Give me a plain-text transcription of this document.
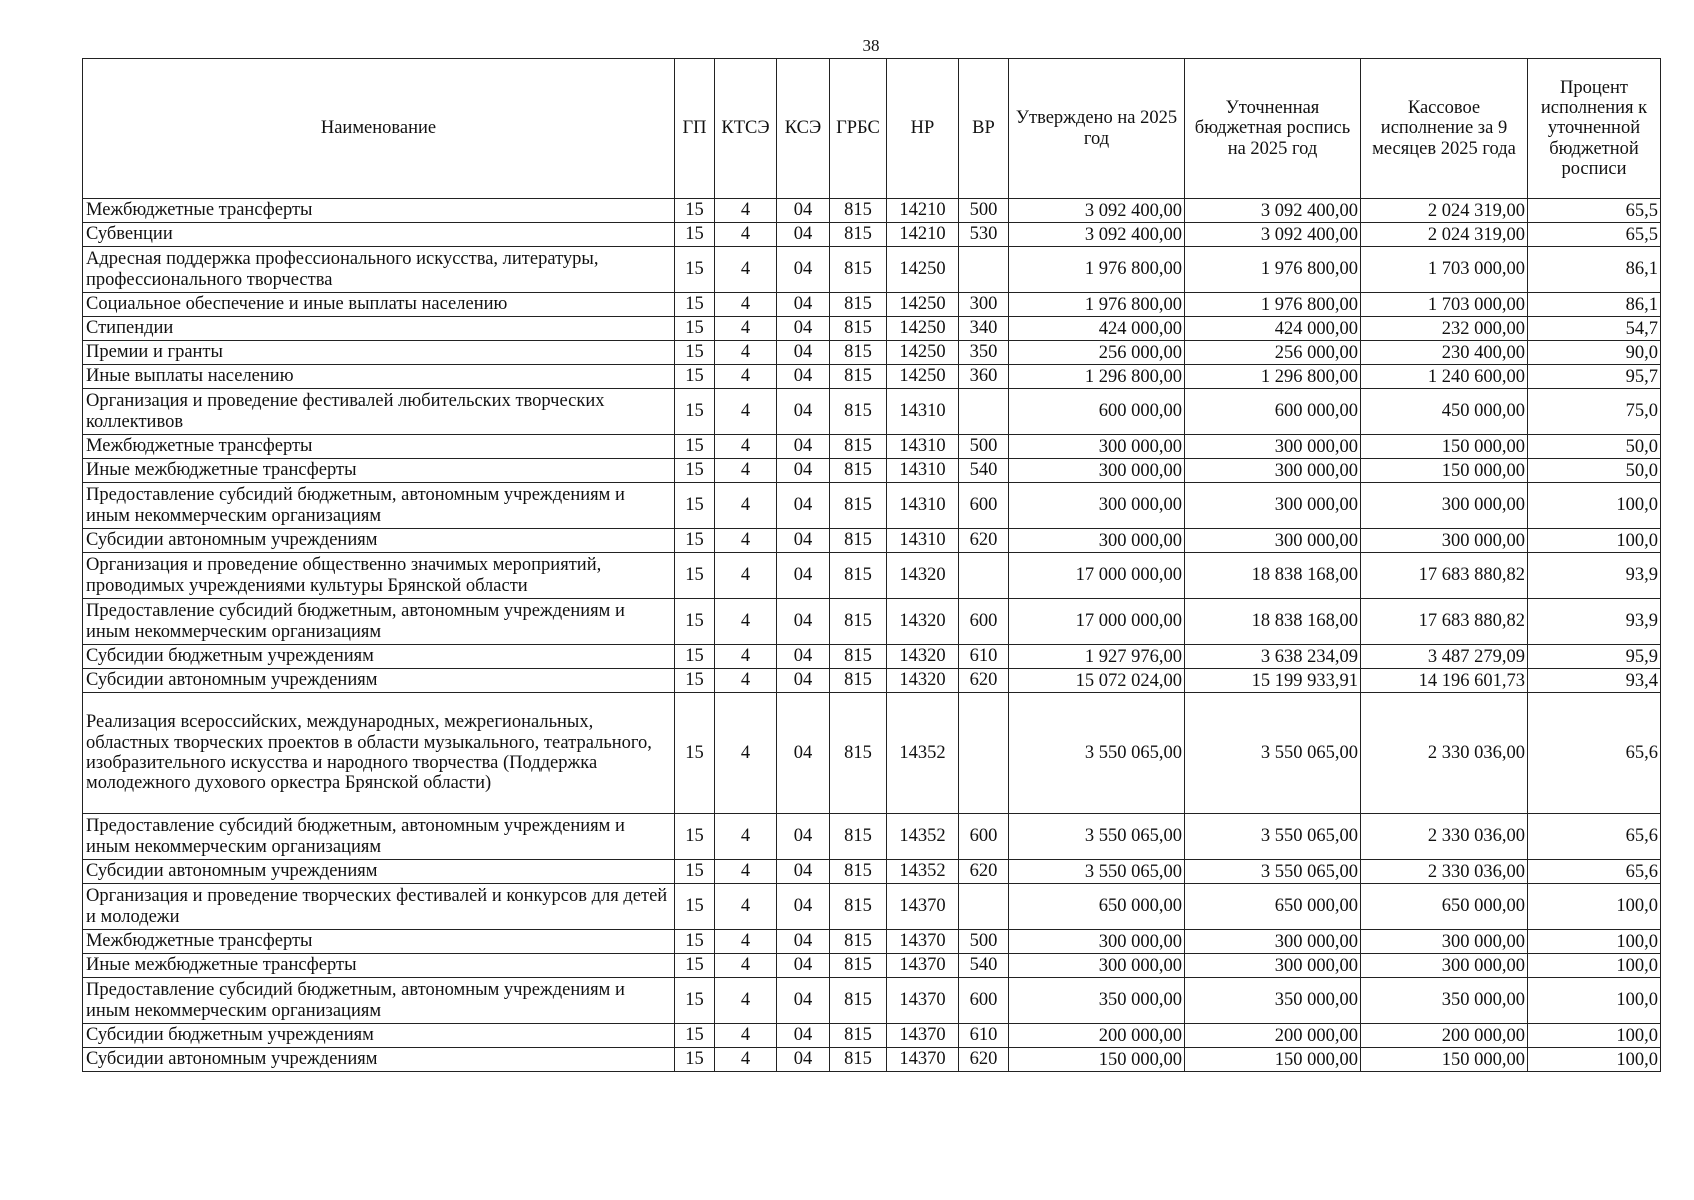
38
Наименование	ГП	КТСЭ	КСЭ	ГРБС	НР	ВР	Утверждено на 2025 год	Уточненная бюджетная роспись на 2025 год	Кассовое исполнение за 9 месяцев 2025 года	Процент исполнения к уточненной бюджетной росписи
Межбюджетные трансферты	15	4	04	815	14210	500	3 092 400,00	3 092 400,00	2 024 319,00	65,5
Субвенции	15	4	04	815	14210	530	3 092 400,00	3 092 400,00	2 024 319,00	65,5
Адресная поддержка профессионального искусства, литературы, профессионального творчества	15	4	04	815	14250		1 976 800,00	1 976 800,00	1 703 000,00	86,1
Социальное обеспечение и иные выплаты населению	15	4	04	815	14250	300	1 976 800,00	1 976 800,00	1 703 000,00	86,1
Стипендии	15	4	04	815	14250	340	424 000,00	424 000,00	232 000,00	54,7
Премии и гранты	15	4	04	815	14250	350	256 000,00	256 000,00	230 400,00	90,0
Иные выплаты населению	15	4	04	815	14250	360	1 296 800,00	1 296 800,00	1 240 600,00	95,7
Организация и проведение фестивалей любительских творческих коллективов	15	4	04	815	14310		600 000,00	600 000,00	450 000,00	75,0
Межбюджетные трансферты	15	4	04	815	14310	500	300 000,00	300 000,00	150 000,00	50,0
Иные межбюджетные трансферты	15	4	04	815	14310	540	300 000,00	300 000,00	150 000,00	50,0
Предоставление субсидий бюджетным, автономным учреждениям и иным некоммерческим организациям	15	4	04	815	14310	600	300 000,00	300 000,00	300 000,00	100,0
Субсидии автономным учреждениям	15	4	04	815	14310	620	300 000,00	300 000,00	300 000,00	100,0
Организация и проведение общественно значимых мероприятий, проводимых учреждениями культуры Брянской области	15	4	04	815	14320		17 000 000,00	18 838 168,00	17 683 880,82	93,9
Предоставление субсидий бюджетным, автономным учреждениям и иным некоммерческим организациям	15	4	04	815	14320	600	17 000 000,00	18 838 168,00	17 683 880,82	93,9
Субсидии бюджетным учреждениям	15	4	04	815	14320	610	1 927 976,00	3 638 234,09	3 487 279,09	95,9
Субсидии автономным учреждениям	15	4	04	815	14320	620	15 072 024,00	15 199 933,91	14 196 601,73	93,4
Реализация всероссийских, международных, межрегиональных, областных творческих проектов в области музыкального, театрального, изобразительного искусства и народного творчества (Поддержка молодежного духового оркестра Брянской области)	15	4	04	815	14352		3 550 065,00	3 550 065,00	2 330 036,00	65,6
Предоставление субсидий бюджетным, автономным учреждениям и иным некоммерческим организациям	15	4	04	815	14352	600	3 550 065,00	3 550 065,00	2 330 036,00	65,6
Субсидии автономным учреждениям	15	4	04	815	14352	620	3 550 065,00	3 550 065,00	2 330 036,00	65,6
Организация и проведение творческих фестивалей и конкурсов для детей и молодежи	15	4	04	815	14370		650 000,00	650 000,00	650 000,00	100,0
Межбюджетные трансферты	15	4	04	815	14370	500	300 000,00	300 000,00	300 000,00	100,0
Иные межбюджетные трансферты	15	4	04	815	14370	540	300 000,00	300 000,00	300 000,00	100,0
Предоставление субсидий бюджетным, автономным учреждениям и иным некоммерческим организациям	15	4	04	815	14370	600	350 000,00	350 000,00	350 000,00	100,0
Субсидии бюджетным учреждениям	15	4	04	815	14370	610	200 000,00	200 000,00	200 000,00	100,0
Субсидии автономным учреждениям	15	4	04	815	14370	620	150 000,00	150 000,00	150 000,00	100,0
